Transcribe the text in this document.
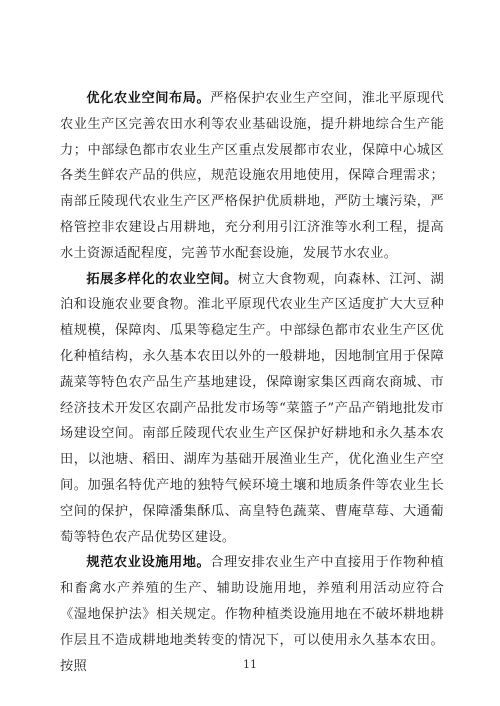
优化农业空间布局。严格保护农业生产空间，淮北平原现代农业生产区完善农田水利等农业基础设施，提升耕地综合生产能力；中部绿色都市农业生产区重点发展都市农业，保障中心城区各类生鲜农产品的供应，规范设施农用地使用，保障合理需求；南部丘陵现代农业生产区严格保护优质耕地，严防土壤污染，严格管控非农建设占用耕地，充分利用引江济淮等水利工程，提高水土资源适配程度，完善节水配套设施，发展节水农业。

拓展多样化的农业空间。树立大食物观，向森林、江河、湖泊和设施农业要食物。淮北平原现代农业生产区适度扩大大豆种植规模，保障肉、瓜果等稳定生产。中部绿色都市农业生产区优化种植结构，永久基本农田以外的一般耕地，因地制宜用于保障蔬菜等特色农产品生产基地建设，保障谢家集区西商农商城、市经济技术开发区农副产品批发市场等“菜篮子”产品产销地批发市场建设空间。南部丘陵现代农业生产区保护好耕地和永久基本农田，以池塘、稻田、湖库为基础开展渔业生产，优化渔业生产空间。加强名特优产地的独特气候环境土壤和地质条件等农业生长空间的保护，保障潘集酥瓜、高皇特色蔬菜、曹庵草莓、大通葡萄等特色农产品优势区建设。

规范农业设施用地。合理安排农业生产中直接用于作物种植和畜禽水产养殖的生产、辅助设施用地，养殖利用活动应符合《湿地保护法》相关规定。作物种植类设施用地在不破坏耕地耕作层且不造成耕地地类转变的情况下，可以使用永久基本农田。按照	11
